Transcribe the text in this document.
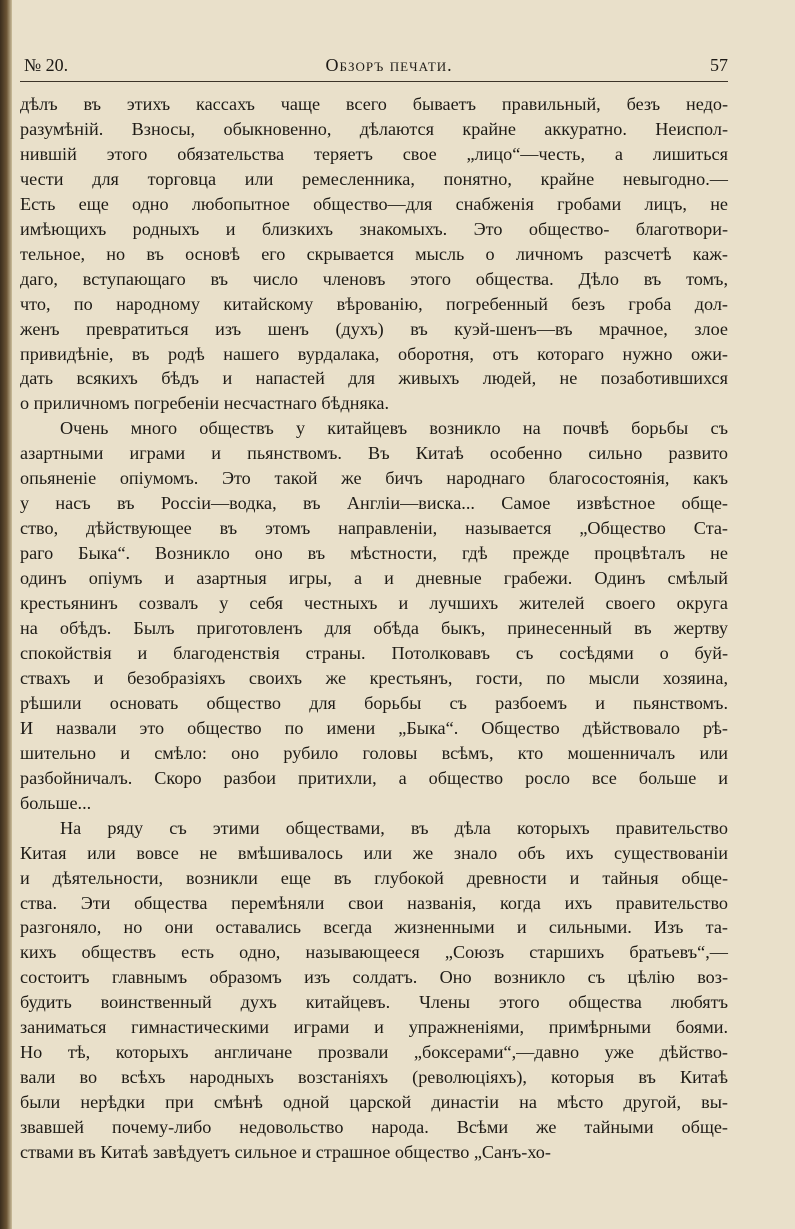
№ 20.	Обзоръ печати.	57

дѣлъ въ этихъ кассахъ чаще всего бываетъ правильный, безъ недо-
разумѣній. Взносы, обыкновенно, дѣлаются крайне аккуратно. Неиспол-
нившій этого обязательства теряетъ свое „лицо“—честь, а лишиться
чести для торговца или ремесленника, понятно, крайне невыгодно.—
Есть еще одно любопытное общество—для снабженія гробами лицъ, не
имѣющихъ родныхъ и близкихъ знакомыхъ. Это общество- благотвори-
тельное, но въ основѣ его скрывается мысль о личномъ разсчетѣ каж-
даго, вступающаго въ число членовъ этого общества. Дѣло въ томъ,
что, по народному китайскому вѣрованію, погребенный безъ гроба дол-
женъ превратиться изъ шенъ (духъ) въ куэй-шенъ—въ мрачное, злое
привидѣніе, въ родѣ нашего вурдалака, оборотня, отъ котораго нужно ожи-
дать всякихъ бѣдъ и напастей для живыхъ людей, не позаботившихся
о приличномъ погребеніи несчастнаго бѣдняка.

Очень много обществъ у китайцевъ возникло на почвѣ борьбы съ
азартными играми и пьянствомъ. Въ Китаѣ особенно сильно развито
опьяненіе опіумомъ. Это такой же бичъ народнаго благосостоянія, какъ
у насъ въ Россіи—водка, въ Англіи—виска... Самое извѣстное обще-
ство, дѣйствующее въ этомъ направленіи, называется „Общество Ста-
раго Быка“. Возникло оно въ мѣстности, гдѣ прежде процвѣталъ не
одинъ опіумъ и азартныя игры, а и дневные грабежи. Одинъ смѣлый
крестьянинъ созвалъ у себя честныхъ и лучшихъ жителей своего округа
на обѣдъ. Былъ приготовленъ для обѣда быкъ, принесенный въ жертву
спокойствія и благоденствія страны. Потолковавъ съ сосѣдями о буй-
ствахъ и безобразіяхъ своихъ же крестьянъ, гости, по мысли хозяина,
рѣшили основать общество для борьбы съ разбоемъ и пьянствомъ.
И назвали это общество по имени „Быка“. Общество дѣйствовало рѣ-
шительно и смѣло: оно рубило головы всѣмъ, кто мошенничалъ или
разбойничалъ. Скоро разбои притихли, а общество росло все больше и
больше...

На ряду съ этими обществами, въ дѣла которыхъ правительство
Китая или вовсе не вмѣшивалось или же знало объ ихъ существованіи
и дѣятельности, возникли еще въ глубокой древности и тайныя обще-
ства. Эти общества перемѣняли свои названія, когда ихъ правительство
разгоняло, но они оставались всегда жизненными и сильными. Изъ та-
кихъ обществъ есть одно, называющееся „Союзъ старшихъ братьевъ“,—
состоитъ главнымъ образомъ изъ солдатъ. Оно возникло съ цѣлію воз-
будить воинственный духъ китайцевъ. Члены этого общества любятъ
заниматься гимнастическими играми и упражненіями, примѣрными боями.
Но тѣ, которыхъ англичане прозвали „боксерами“,—давно уже дѣйство-
вали во всѣхъ народныхъ возстаніяхъ (революціяхъ), которыя въ Китаѣ
были нерѣдки при смѣнѣ одной царской династіи на мѣсто другой, вы-
звавшей почему-либо недовольство народа. Всѣми же тайными обще-
ствами въ Китаѣ завѣдуетъ сильное и страшное общество „Санъ-хо-
